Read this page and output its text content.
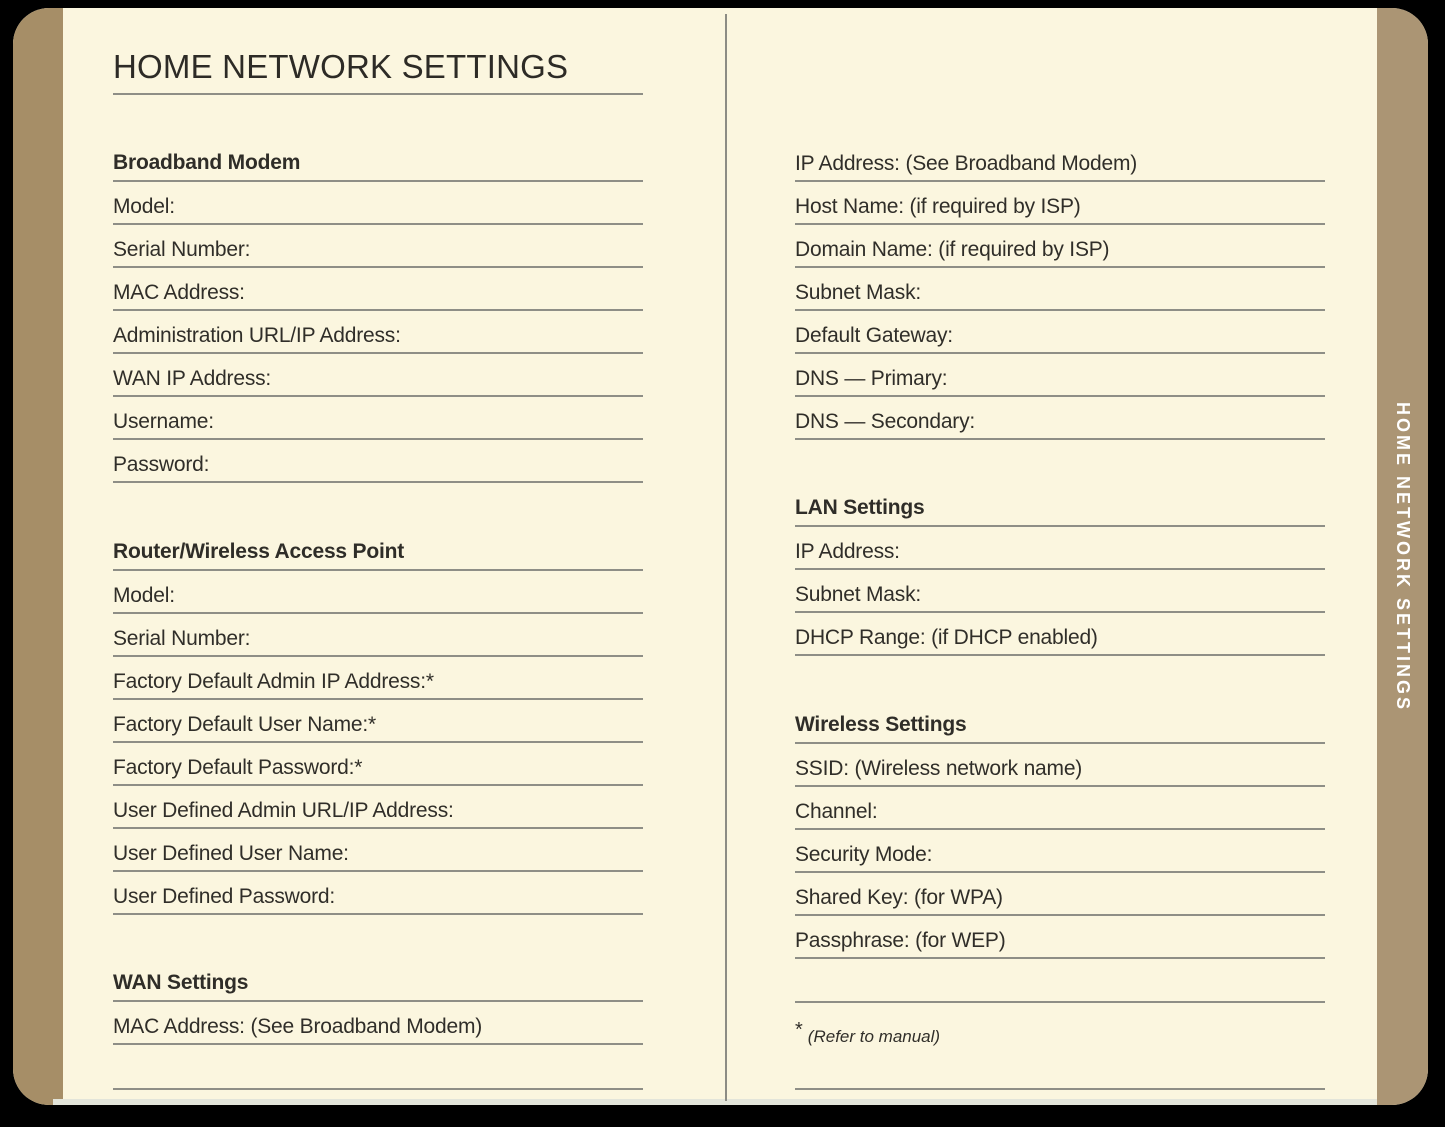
HOME NETWORK SETTINGS
Broadband Modem
Model:
Serial Number:
MAC Address:
Administration URL/IP Address:
WAN IP Address:
Username:
Password:
Router/Wireless Access Point
Model:
Serial Number:
Factory Default Admin IP Address:*
Factory Default User Name:*
Factory Default Password:*
User Defined Admin URL/IP Address:
User Defined User Name:
User Defined Password:
WAN Settings
MAC Address: (See Broadband Modem)
IP Address: (See Broadband Modem)
Host Name: (if required by ISP)
Domain Name: (if required by ISP)
Subnet Mask:
Default Gateway:
DNS — Primary:
DNS — Secondary:
LAN Settings
IP Address:
Subnet Mask:
DHCP Range: (if DHCP enabled)
Wireless Settings
SSID: (Wireless network name)
Channel:
Security Mode:
Shared Key: (for WPA)
Passphrase: (for WEP)
* (Refer to manual)
HOME NETWORK SETTINGS
